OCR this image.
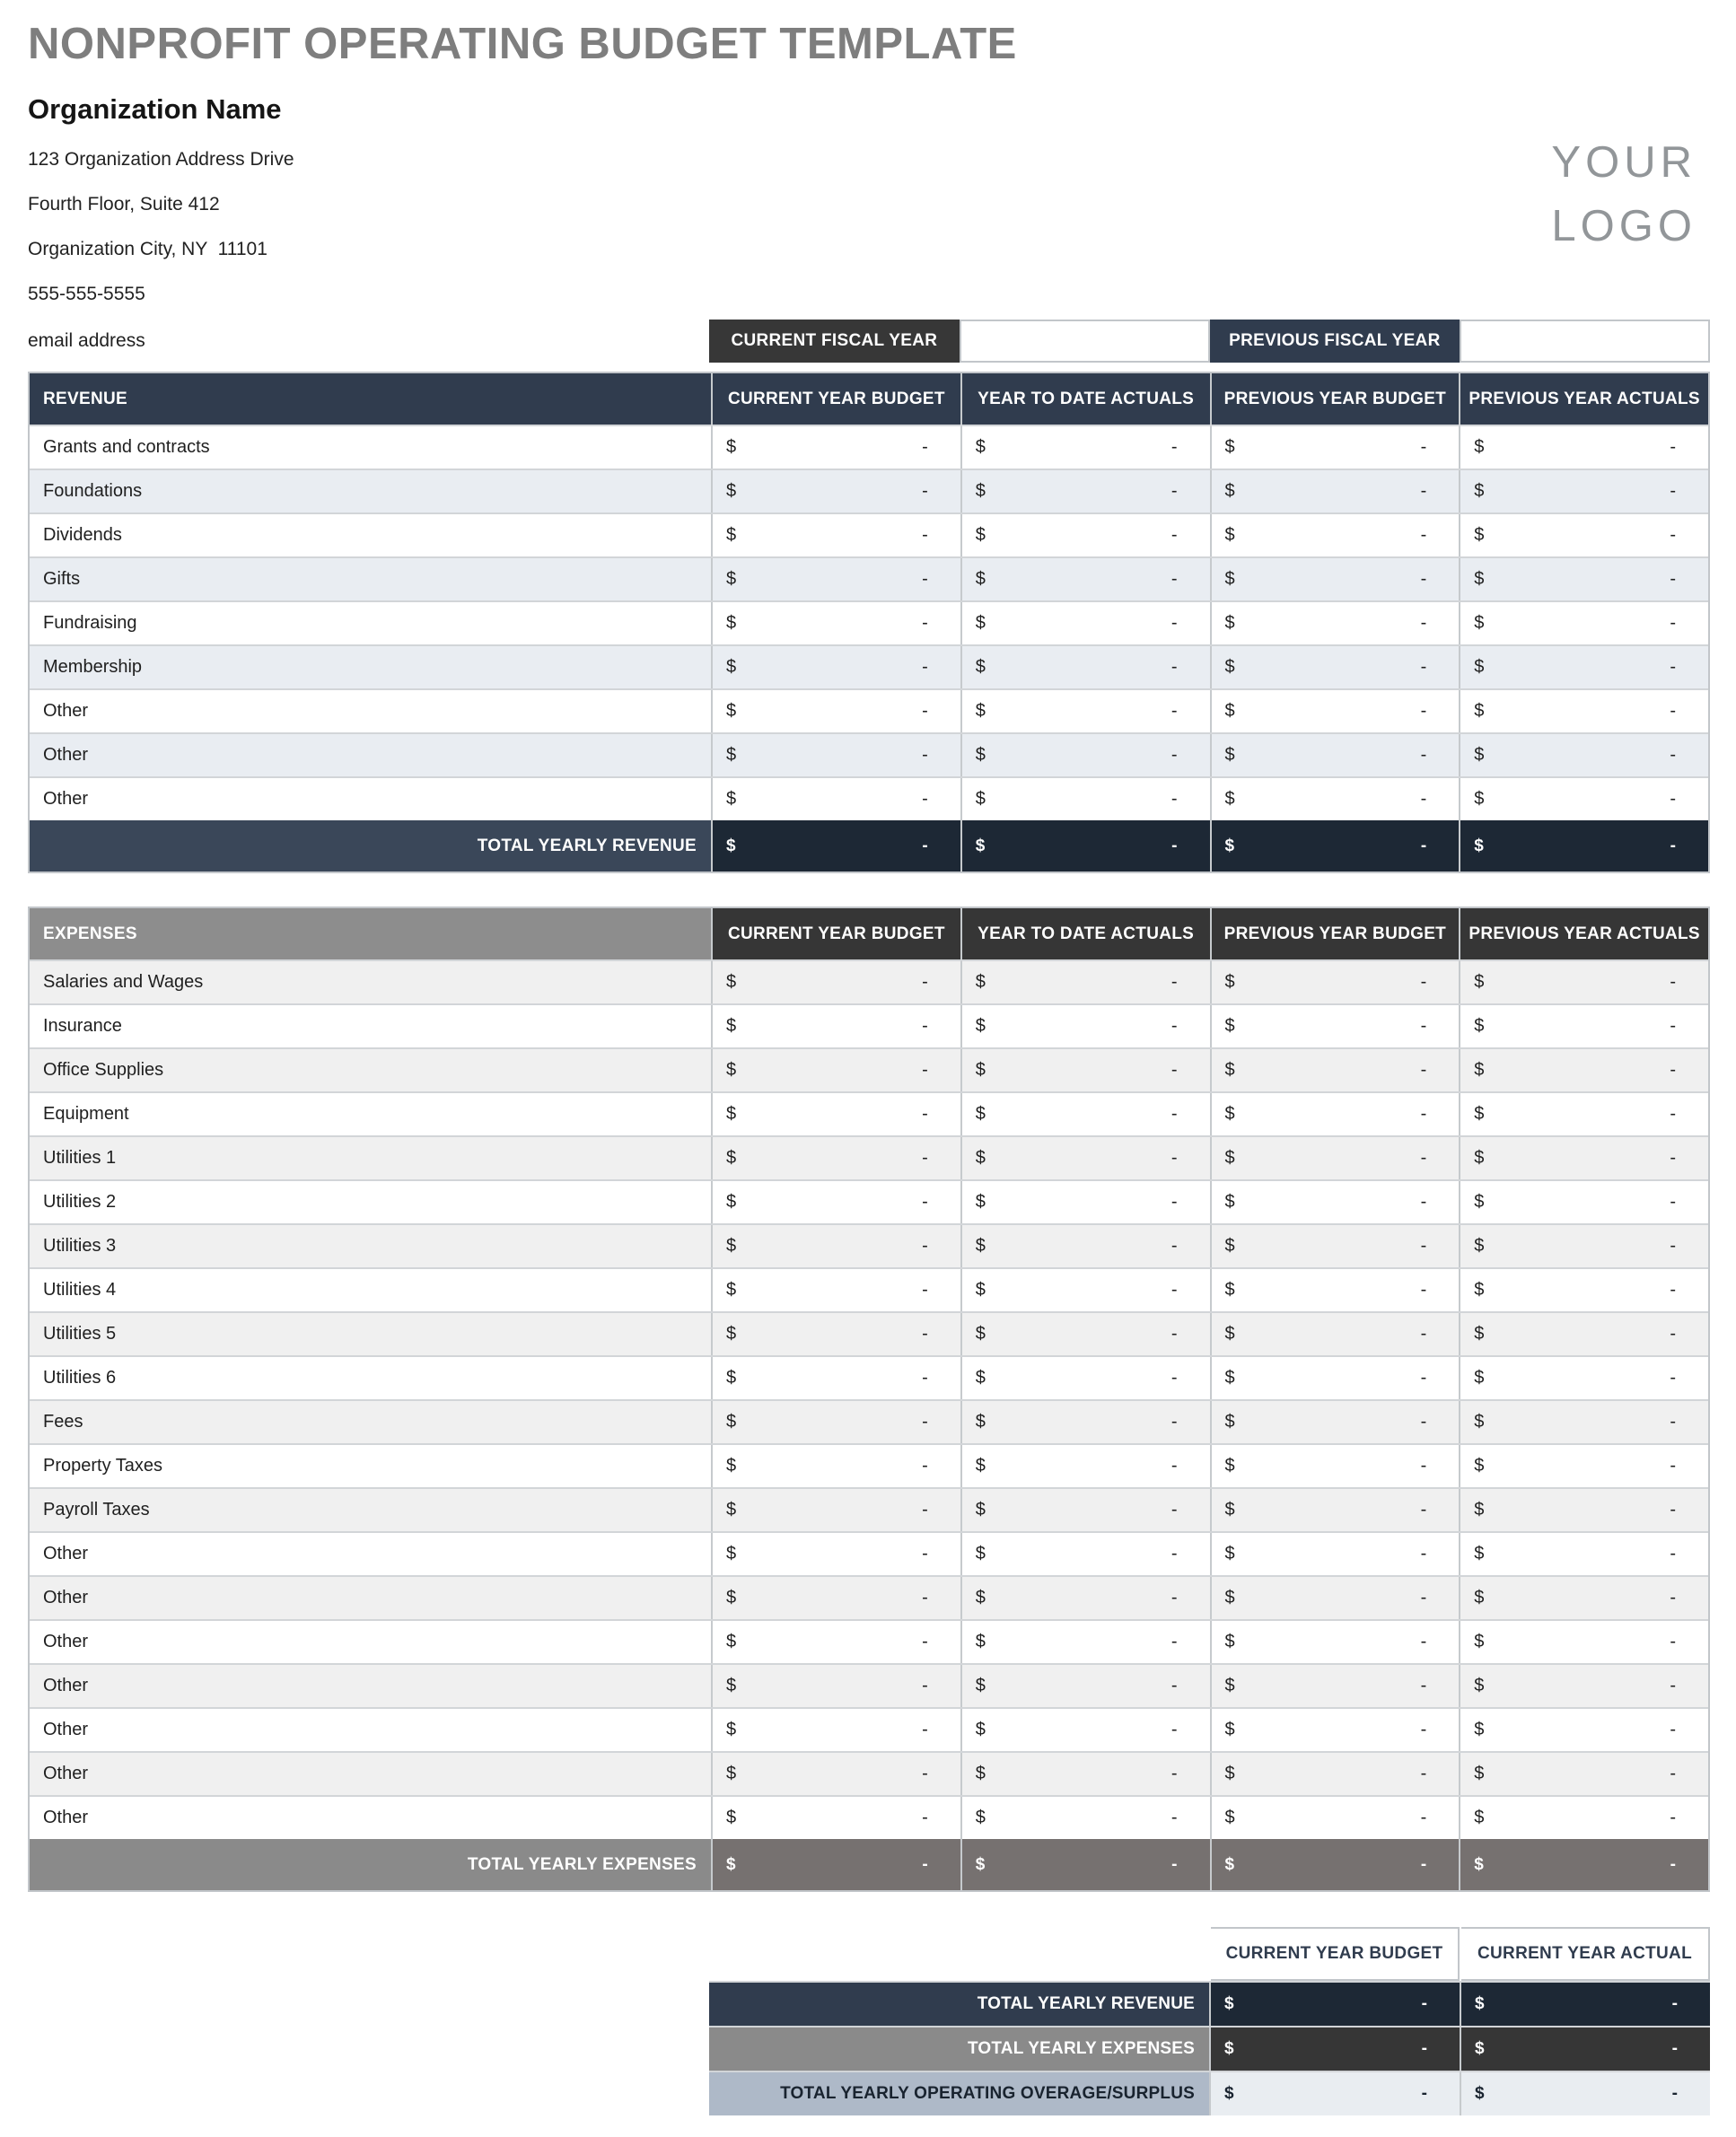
NONPROFIT OPERATING BUDGET TEMPLATE
YOUR
LOGO
Organization Name
123 Organization Address Drive
Fourth Floor, Suite 412
Organization City, NY  11101
555-555-5555
email address	CURRENT FISCAL YEAR	PREVIOUS FISCAL YEAR
REVENUE	CURRENT YEAR BUDGET	YEAR TO DATE ACTUALS	PREVIOUS YEAR BUDGET	PREVIOUS YEAR ACTUALS
Grants and contracts	$	-	$	-	$	-	$	-
Foundations	$	-	$	-	$	-	$	-
Dividends	$	-	$	-	$	-	$	-
Gifts	$	-	$	-	$	-	$	-
Fundraising	$	-	$	-	$	-	$	-
Membership	$	-	$	-	$	-	$	-
Other	$	-	$	-	$	-	$	-
Other	$	-	$	-	$	-	$	-
Other	$	-	$	-	$	-	$	-
TOTAL YEARLY REVENUE	$	-	$	-	$	-	$	-
EXPENSES	CURRENT YEAR BUDGET	YEAR TO DATE ACTUALS	PREVIOUS YEAR BUDGET	PREVIOUS YEAR ACTUALS
Salaries and Wages	$	-	$	-	$	-	$	-
Insurance	$	-	$	-	$	-	$	-
Office Supplies	$	-	$	-	$	-	$	-
Equipment	$	-	$	-	$	-	$	-
Utilities 1	$	-	$	-	$	-	$	-
Utilities 2	$	-	$	-	$	-	$	-
Utilities 3	$	-	$	-	$	-	$	-
Utilities 4	$	-	$	-	$	-	$	-
Utilities 5	$	-	$	-	$	-	$	-
Utilities 6	$	-	$	-	$	-	$	-
Fees	$	-	$	-	$	-	$	-
Property Taxes	$	-	$	-	$	-	$	-
Payroll Taxes	$	-	$	-	$	-	$	-
Other	$	-	$	-	$	-	$	-
Other	$	-	$	-	$	-	$	-
Other	$	-	$	-	$	-	$	-
Other	$	-	$	-	$	-	$	-
Other	$	-	$	-	$	-	$	-
Other	$	-	$	-	$	-	$	-
Other	$	-	$	-	$	-	$	-
TOTAL YEARLY EXPENSES	$	-	$	-	$	-	$	-
CURRENT YEAR BUDGET	CURRENT YEAR ACTUAL
TOTAL YEARLY REVENUE	$	-	$	-
TOTAL YEARLY EXPENSES	$	-	$	-
TOTAL YEARLY OPERATING OVERAGE/SURPLUS	$	-	$	-
